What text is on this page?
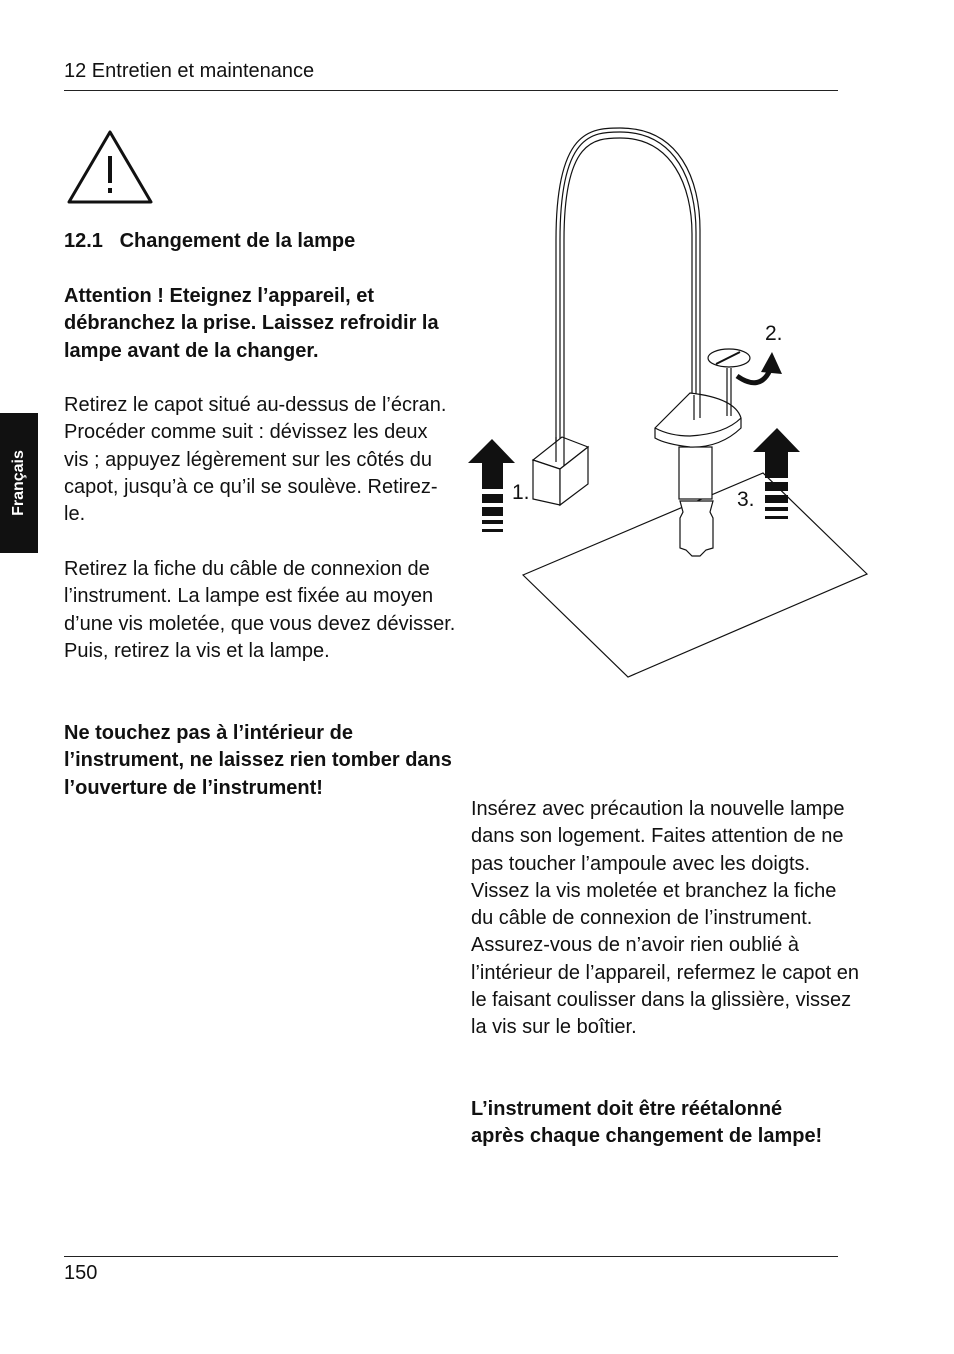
12 Entretien et maintenance
Français	1.
2.
3.
12.1   Changement de la lampe

Attention ! Eteignez l’appareil, et débranchez la prise. Laissez refroidir la lampe avant de la changer.

Retirez le capot situé au-dessus de l’écran. Procéder comme suit : dévissez les deux vis ; appuyez légèrement sur les côtés du capot, jusqu’à ce qu’il se soulève. Retirez-le.

Retirez la fiche du câble de connexion de l’instrument. La lampe est fixée au moyen d’une vis moletée, que vous devez dévisser. Puis, retirez la vis et la lampe.

Ne touchez pas à l’intérieur de l’instrument, ne laissez rien tomber dans l’ouverture de l’instrument!

Insérez avec précaution la nouvelle lampe dans son logement. Faites attention de ne pas toucher l’ampoule avec les doigts. Vissez la vis moletée et branchez la fiche du câble de connexion de l’instrument. Assurez-vous de n’avoir rien oublié à l’intérieur de l’appareil, refermez le capot en le faisant coulisser dans la glissière, vissez la vis sur le boîtier.

L’instrument doit être réétalonné après chaque changement de lampe!

150
